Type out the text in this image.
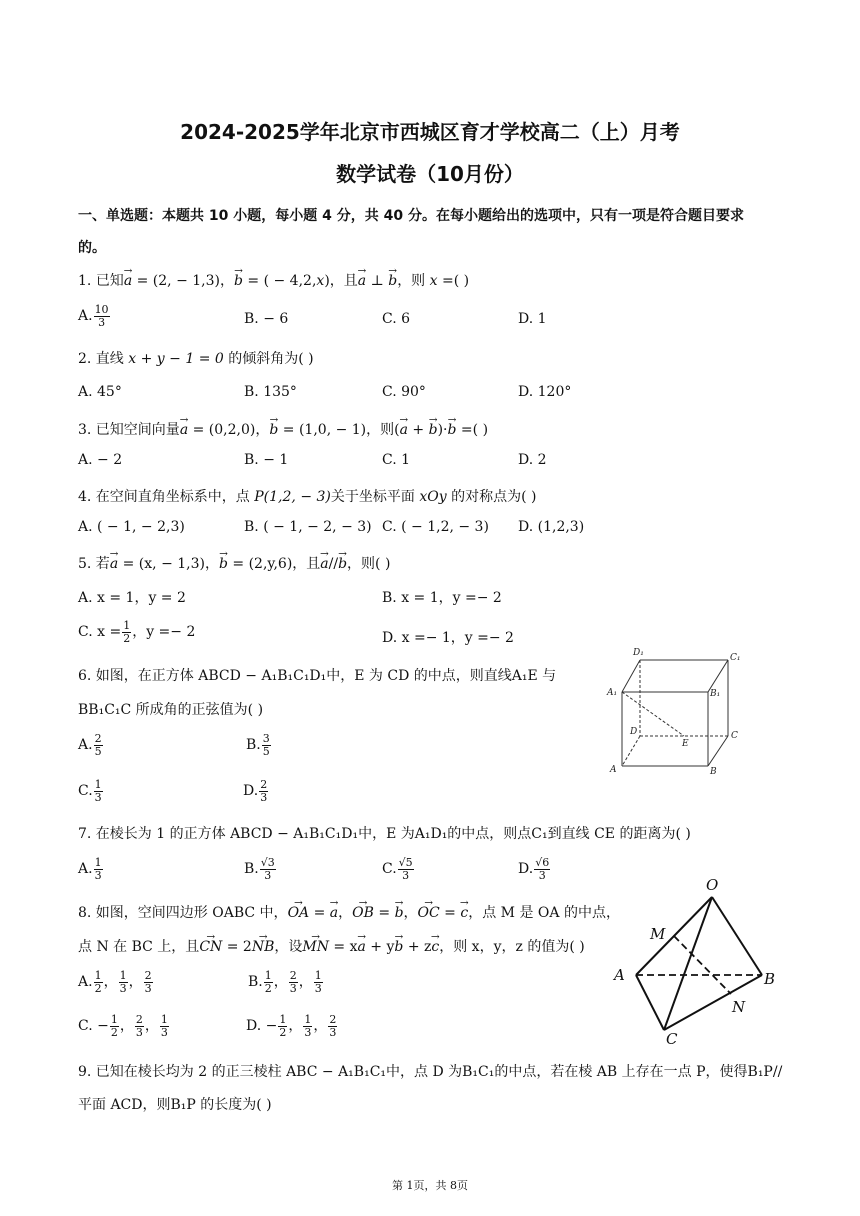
2024-2025学年北京市西城区育才学校高二（上）月考
数学试卷（10月份）
一、单选题：本题共 10 小题，每小题 4 分，共 40 分。在每小题给出的选项中，只有一项是符合题目要求
的。
1. 已知→ a = (2, − 1,3)，→ b = ( − 4,2,x)，且→ a ⊥ → b，则 x =( )
A. $\frac{10}{3}$	B. − 6	C. 6	D. 1
2. 直线 x + y − 1 = 0 的倾斜角为( )
A. 45°	B. 135°	C. 90°	D. 120°
3. 已知空间向量→ a = (0,2,0)，→ b = (1,0, − 1)，则(→ a + → b)·→ b =( )
A. − 2	B. − 1	C. 1	D. 2
4. 在空间直角坐标系中，点 P(1,2, − 3)关于坐标平面 xOy 的对称点为( )
A. ( − 1, − 2,3)	B. ( − 1, − 2, − 3) C. ( − 1,2, − 3) D. (1,2,3)
5. 若→ a = (x, − 1,3)，→ b = (2,y,6)，且→ a//→ b，则( )
A. x = 1，y = 2	B. x = 1，y =− 2
C. $x = \frac{1}{2}$ ，y =− 2	D. x =− 1，y =− 2
6. 如图，在正方体 ABCD − A₁B₁C₁D₁中，E 为 CD 的中点，则直线A₁E 与
BB₁C₁C 所成角的正弦值为( )
A. $\frac{2}{5}$	B. $\frac{3}{5}$
C. $\frac{1}{3}$	D. $\frac{2}{3}$
D₁	C₁
A₁	B₁
D
E
C
A	B
7. 在棱长为 1 的正方体 ABCD − A₁B₁C₁D₁中，E 为A₁D₁的中点，则点C₁到直线 CE 的距离为( )
A. $\frac{1}{3}$	B. $\frac{√3}{3}$	C. $\frac{√5}{3}$	D. $\frac{√6}{3}$
8. 如图，空间四边形 OABC 中，→ OA = → a，→ OB = → b，→ OC = → c，点 M 是 OA 的中点，
点 N 在 BC 上，且→ CN = 2→ NB，设→ MN = x→ a + y→ b + z→ c，则 x，y，z 的值为( )
A. $\frac{1}{2}$ ， $\frac{1}{3}$ ， $\frac{2}{3}$	B. $\frac{1}{2}$ ， $\frac{2}{3}$ ， $\frac{1}{3}$
C. − $\frac{1}{2}$ ， $\frac{2}{3}$ ， $\frac{1}{3}$	D. − $\frac{1}{2}$ ， $\frac{1}{3}$ ， $\frac{2}{3}$
O
M
A	B
N
C
9. 已知在棱长均为 2 的正三棱柱 ABC − A₁B₁C₁中，点 D 为B₁C₁的中点，若在棱 AB 上存在一点 P，使得B₁P//
平面 ACD，则B₁P 的长度为( )
第 1页，共 8页
